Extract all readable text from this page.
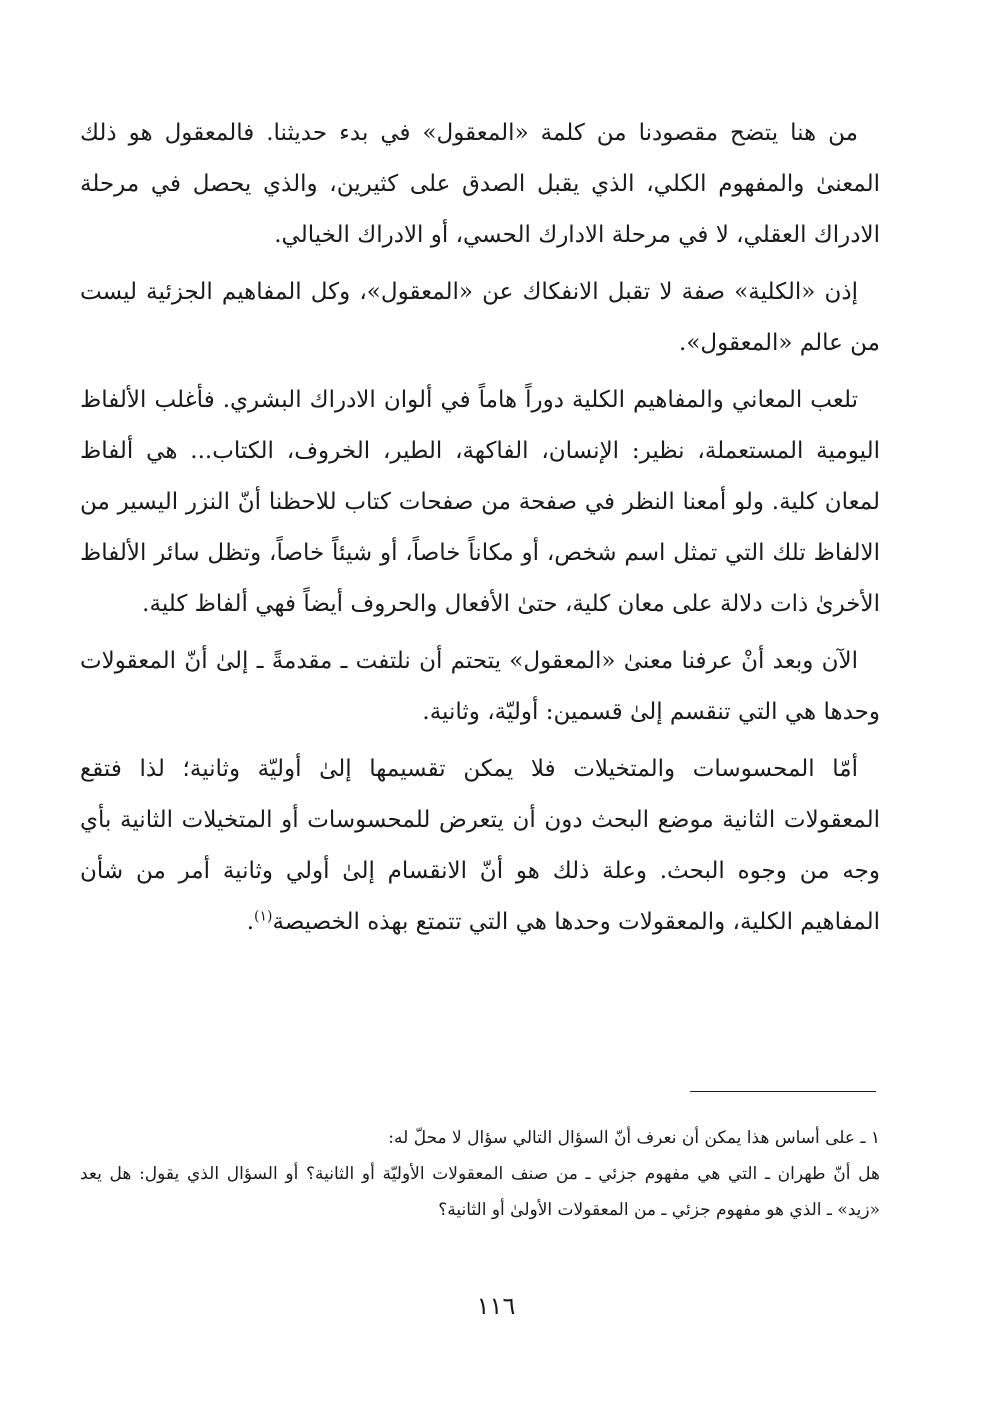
من هنا يتضح مقصودنا من كلمة «المعقول» في بدء حديثنا. فالمعقول هو ذلك المعنىٰ والمفهوم الكلي، الذي يقبل الصدق على كثيرين، والذي يحصل في مرحلة الادراك العقلي، لا في مرحلة الادارك الحسي، أو الادراك الخيالي.

إذن «الكلية» صفة لا تقبل الانفكاك عن «المعقول»، وكل المفاهيم الجزئية ليست من عالم «المعقول».

تلعب المعاني والمفاهيم الكلية دوراً هاماً في ألوان الادراك البشري. فأغلب الألفاظ اليومية المستعملة، نظير: الإنسان، الفاكهة، الطير، الخروف، الكتاب... هي ألفاظ لمعان كلية. ولو أمعنا النظر في صفحة من صفحات كتاب للاحظنا أنّ النزر اليسير من الالفاظ تلك التي تمثل اسم شخص، أو مكاناً خاصاً، أو شيئاً خاصاً، وتظل سائر الألفاظ الأخرىٰ ذات دلالة على معان كلية، حتىٰ الأفعال والحروف أيضاً فهي ألفاظ كلية.

الآن وبعد أنْ عرفنا معنىٰ «المعقول» يتحتم أن نلتفت ـ مقدمةً ـ إلىٰ أنّ المعقولات وحدها هي التي تنقسم إلىٰ قسمين: أوليّة، وثانية.

أمّا المحسوسات والمتخيلات فلا يمكن تقسيمها إلىٰ أوليّة وثانية؛ لذا فتقع المعقولات الثانية موضع البحث دون أن يتعرض للمحسوسات أو المتخيلات الثانية بأي وجه من وجوه البحث. وعلة ذلك هو أنّ الانقسام إلىٰ أولي وثانية أمر من شأن المفاهيم الكلية، والمعقولات وحدها هي التي تتمتع بهذه الخصيصة$^{(١)}$.

١ ـ على أساس هذا يمكن أن نعرف أنّ السؤال التالي سؤال لا محلّ له:

هل أنّ طهران ـ التي هي مفهوم جزئي ـ من صنف المعقولات الأوليّة أو الثانية؟ أو السؤال الذي يقول: هل يعد «زيد» ـ الذي هو مفهوم جزئي ـ من المعقولات الأولىٰ أو الثانية؟

١١٦
